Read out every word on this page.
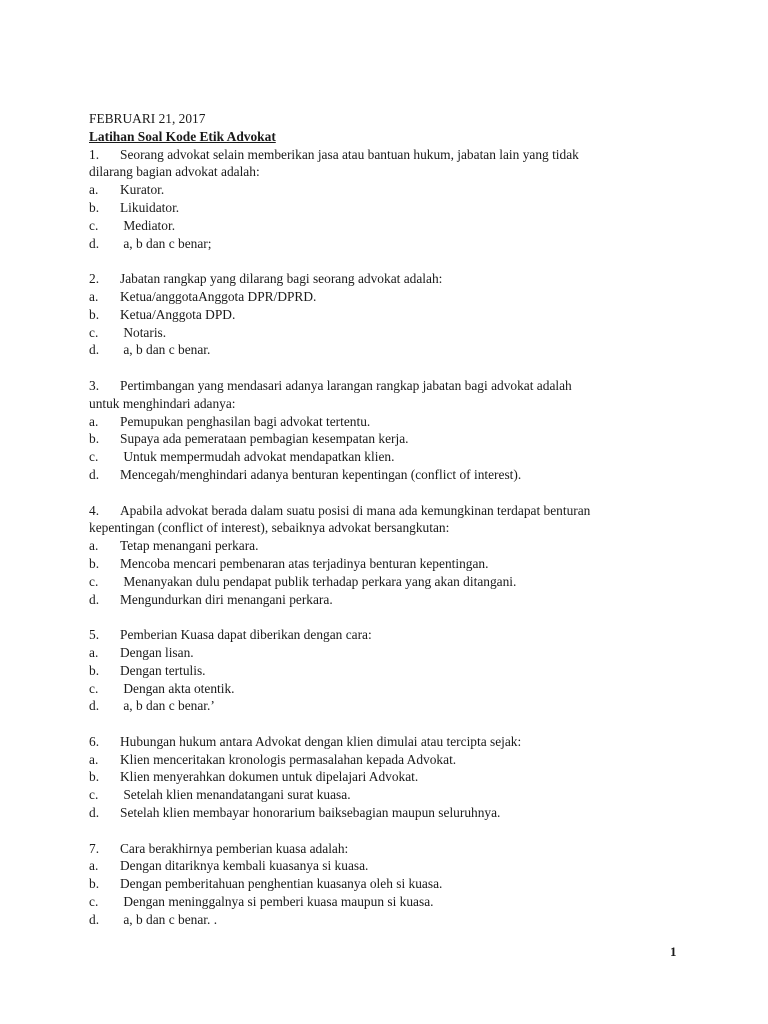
FEBRUARI 21, 2017
Latihan Soal Kode Etik Advokat
1. Seorang advokat selain memberikan jasa atau bantuan hukum, jabatan lain yang tidak
dilarang bagian advokat adalah:
a. Kurator.
b. Likuidator.
c. Mediator.
d. a, b dan c benar;
2. Jabatan rangkap yang dilarang bagi seorang advokat adalah:
a. Ketua/anggotaAnggota DPR/DPRD.
b. Ketua/Anggota DPD.
c. Notaris.
d. a, b dan c benar.
3. Pertimbangan yang mendasari adanya larangan rangkap jabatan bagi advokat adalah
untuk menghindari adanya:
a. Pemupukan penghasilan bagi advokat tertentu.
b. Supaya ada pemerataan pembagian kesempatan kerja.
c. Untuk mempermudah advokat mendapatkan klien.
d. Mencegah/menghindari adanya benturan kepentingan (conflict of interest).
4. Apabila advokat berada dalam suatu posisi di mana ada kemungkinan terdapat benturan
kepentingan (conflict of interest), sebaiknya advokat bersangkutan:
a. Tetap menangani perkara.
b. Mencoba mencari pembenaran atas terjadinya benturan kepentingan.
c. Menanyakan dulu pendapat publik terhadap perkara yang akan ditangani.
d. Mengundurkan diri menangani perkara.
5. Pemberian Kuasa dapat diberikan dengan cara:
a. Dengan lisan.
b. Dengan tertulis.
c. Dengan akta otentik.
d. a, b dan c benar.’
6. Hubungan hukum antara Advokat dengan klien dimulai atau tercipta sejak:
a. Klien menceritakan kronologis permasalahan kepada Advokat.
b. Klien menyerahkan dokumen untuk dipelajari Advokat.
c. Setelah klien menandatangani surat kuasa.
d. Setelah klien membayar honorarium baiksebagian maupun seluruhnya.
7. Cara berakhirnya pemberian kuasa adalah:
a. Dengan ditariknya kembali kuasanya si kuasa.
b. Dengan pemberitahuan penghentian kuasanya oleh si kuasa.
c. Dengan meninggalnya si pemberi kuasa maupun si kuasa.
d. a, b dan c benar. .
1
